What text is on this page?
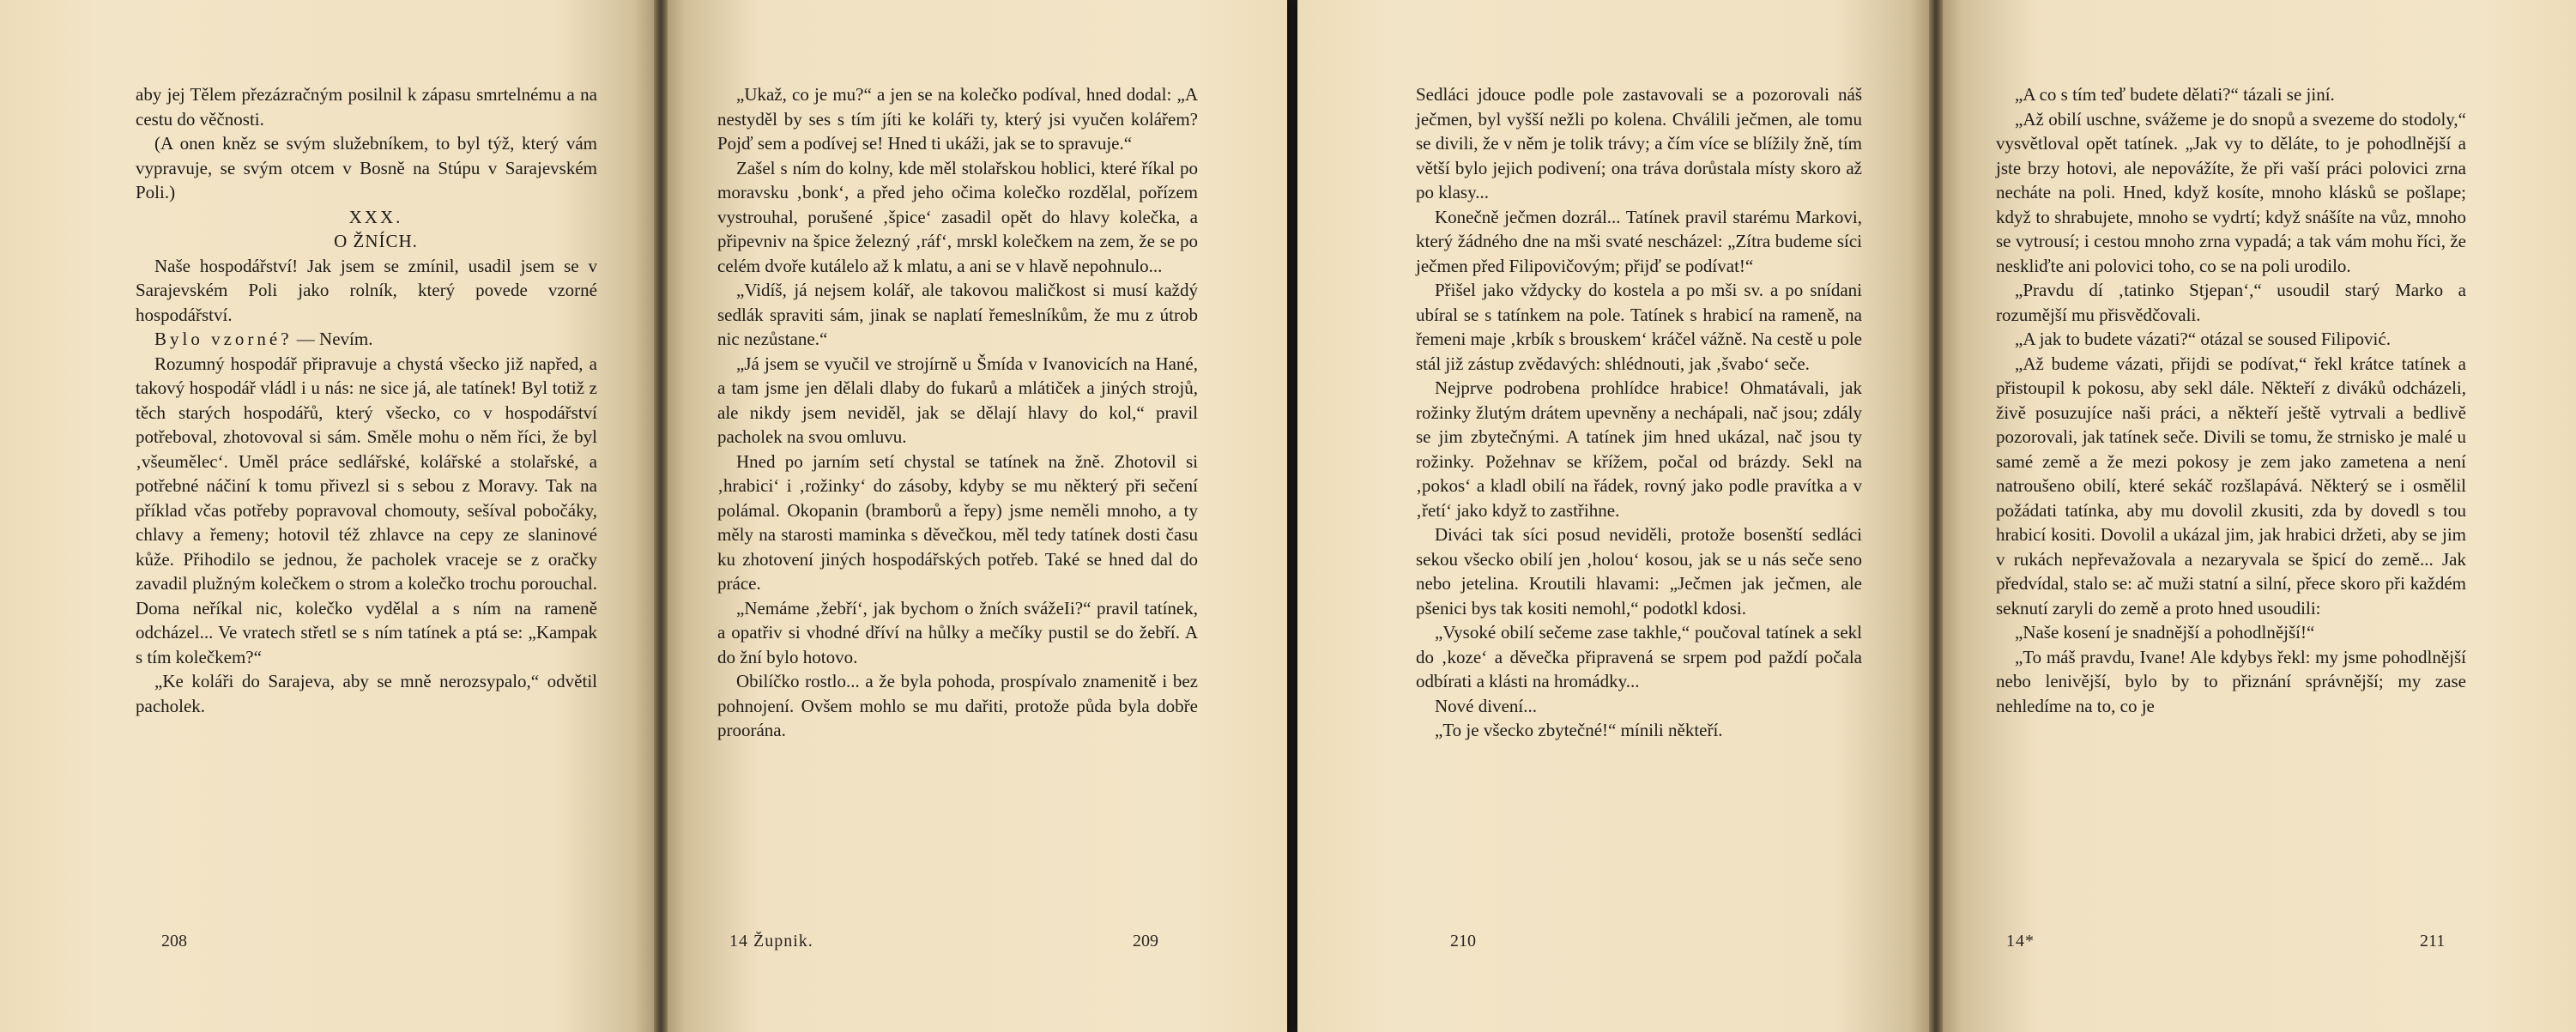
aby jej Tělem přezázračným posilnil k zápasu smrtelnému a na cestu do věčnosti.

(A onen kněz se svým služebníkem, to byl týž, který vám vypravuje, se svým otcem v Bosně na Stúpu v Sarajevském Poli.)

XXX.

O ŽNÍCH.

Naše hospodářství! Jak jsem se zmínil, usadil jsem se v Sarajevském Poli jako rolník, který povede vzorné hospodářství.

Bylo vzorné? — Nevím.

Rozumný hospodář připravuje a chystá všecko již napřed, a takový hospodář vládl i u nás: ne sice já, ale tatínek! Byl totiž z těch starých hospodářů, který všecko, co v hospodářství potřeboval, zhotovoval si sám. Směle mohu o něm říci, že byl ‚všeumělec‘. Uměl práce sedlářské, kolářské a stolařské, a potřebné náčiní k tomu přivezl si s sebou z Moravy. Tak na příklad včas potřeby popravoval chomouty, sešíval pobočáky, chlavy a řemeny; hotovil též zhlavce na cepy ze slaninové kůže. Přihodilo se jednou, že pacholek vraceje se z oračky zavadil plužným kolečkem o strom a kolečko trochu porouchal. Doma neříkal nic, kolečko vydělal a s ním na rameně odcházel... Ve vratech střetl se s ním tatínek a ptá se: „Kampak s tím kolečkem?“

„Ke koláři do Sarajeva, aby se mně nerozsypalo,“ odvětil pacholek.

208

„Ukaž, co je mu?“ a jen se na kolečko podíval, hned dodal: „A nestyděl by ses s tím jíti ke koláři ty, který jsi vyučen kolářem? Pojď sem a podívej se! Hned ti ukáži, jak se to spravuje.“

Zašel s ním do kolny, kde měl stolařskou hoblici, které říkal po moravsku ‚bonk‘, a před jeho očima kolečko rozdělal, pořízem vystrouhal, porušené ‚špice‘ zasadil opět do hlavy kolečka, a připevniv na špice železný ‚ráf‘, mrskl kolečkem na zem, že se po celém dvoře kutálelo až k mlatu, a ani se v hlavě nepohnulo...

„Vidíš, já nejsem kolář, ale takovou maličkost si musí každý sedlák spraviti sám, jinak se naplatí řemeslníkům, že mu z útrob nic nezůstane.“

„Já jsem se vyučil ve strojírně u Šmída v Ivanovicích na Hané, a tam jsme jen dělali dlaby do fukarů a mlátiček a jiných strojů, ale nikdy jsem neviděl, jak se dělají hlavy do kol,“ pravil pacholek na svou omluvu.

Hned po jarním setí chystal se tatínek na žně. Zhotovil si ‚hrabici‘ i ‚rožinky‘ do zásoby, kdyby se mu některý při sečení polámal. Okopanin (bramborů a řepy) jsme neměli mnoho, a ty měly na starosti maminka s děvečkou, měl tedy tatínek dosti času ku zhotovení jiných hospodářských potřeb. Také se hned dal do práce.

„Nemáme ‚žebří‘, jak bychom o žních svážeIi?“ pravil tatínek, a opatřiv si vhodné dříví na hůlky a mečíky pustil se do žebří. A do žní bylo hotovo.

Obilíčko rostlo... a že byla pohoda, prospívalo znamenitě i bez pohnojení. Ovšem mohlo se mu dařiti, protože půda byla dobře proorána.

14 Župnik.	209

Sedláci jdouce podle pole zastavovali se a pozorovali náš ječmen, byl vyšší nežli po kolena. Chválili ječmen, ale tomu se divili, že v něm je tolik trávy; a čím více se blížily žně, tím větší bylo jejich podivení; ona tráva dorůstala místy skoro až po klasy...

Konečně ječmen dozrál... Tatínek pravil starému Markovi, který žádného dne na mši svaté nescházel: „Zítra budeme síci ječmen před Filipovičovým; přijď se podívat!“

Přišel jako vždycky do kostela a po mši sv. a po snídani ubíral se s tatínkem na pole. Tatínek s hrabicí na rameně, na řemeni maje ‚krbík s brouskem‘ kráčel vážně. Na cestě u pole stál již zástup zvědavých: shlédnouti, jak ‚švabo‘ seče.

Nejprve podrobena prohlídce hrabice! Ohmatávali, jak rožinky žlutým drátem upevněny a nechápali, nač jsou; zdály se jim zbytečnými. A tatínek jim hned ukázal, nač jsou ty rožinky. Požehnav se křížem, počal od brázdy. Sekl na ‚pokos‘ a kladl obilí na řádek, rovný jako podle pravítka a v ‚řetí‘ jako když to zastřihne.

Diváci tak síci posud neviděli, protože bosenští sedláci sekou všecko obilí jen ‚holou‘ kosou, jak se u nás seče seno nebo jetelina. Kroutili hlavami: „Ječmen jak ječmen, ale pšenici bys tak kositi nemohl,“ podotkl kdosi.

„Vysoké obilí sečeme zase takhle,“ poučoval tatínek a sekl do ‚koze‘ a děvečka připravená se srpem pod paždí počala odbírati a klásti na hromádky...

Nové divení...

„To je všecko zbytečné!“ mínili někteří.

210

„A co s tím teď budete dělati?“ tázali se jiní.

„Až obilí uschne, svážeme je do snopů a svezeme do stodoly,“ vysvětloval opět tatínek. „Jak vy to děláte, to je pohodlnější a jste brzy hotovi, ale nepovážíte, že při vaší práci polovici zrna necháte na poli. Hned, když kosíte, mnoho klásků se pošlape; když to shrabujete, mnoho se vydrtí; když snášíte na vůz, mnoho se vytrousí; i cestou mnoho zrna vypadá; a tak vám mohu říci, že neskliďte ani polovici toho, co se na poli urodilo.

„Pravdu dí ‚tatinko Stjepan‘,“ usoudil starý Marko a rozumější mu přisvědčovali.

„A jak to budete vázati?“ otázal se soused Filipović.

„Až budeme vázati, přijdi se podívat,“ řekl krátce tatínek a přistoupil k pokosu, aby sekl dále. Někteří z diváků odcházeli, živě posuzujíce naši práci, a někteří ještě vytrvali a bedlivě pozorovali, jak tatínek seče. Divili se tomu, že strnisko je malé u samé země a že mezi pokosy je zem jako zametena a není natroušeno obilí, které sekáč rozšlapává. Některý se i osmělil požádati tatínka, aby mu dovolil zkusiti, zda by dovedl s tou hrabicí kositi. Dovolil a ukázal jim, jak hrabici držeti, aby se jim v rukách nepřevažovala a nezaryvala se špicí do země... Jak předvídal, stalo se: ač muži statní a silní, přece skoro při každém seknutí zaryli do země a proto hned usoudili:

„Naše kosení je snadnější a pohodlnější!“

„To máš pravdu, Ivane! Ale kdybys řekl: my jsme pohodlnější nebo lenivější, bylo by to přiznání správnější; my zase nehledíme na to, co je

14*	211
